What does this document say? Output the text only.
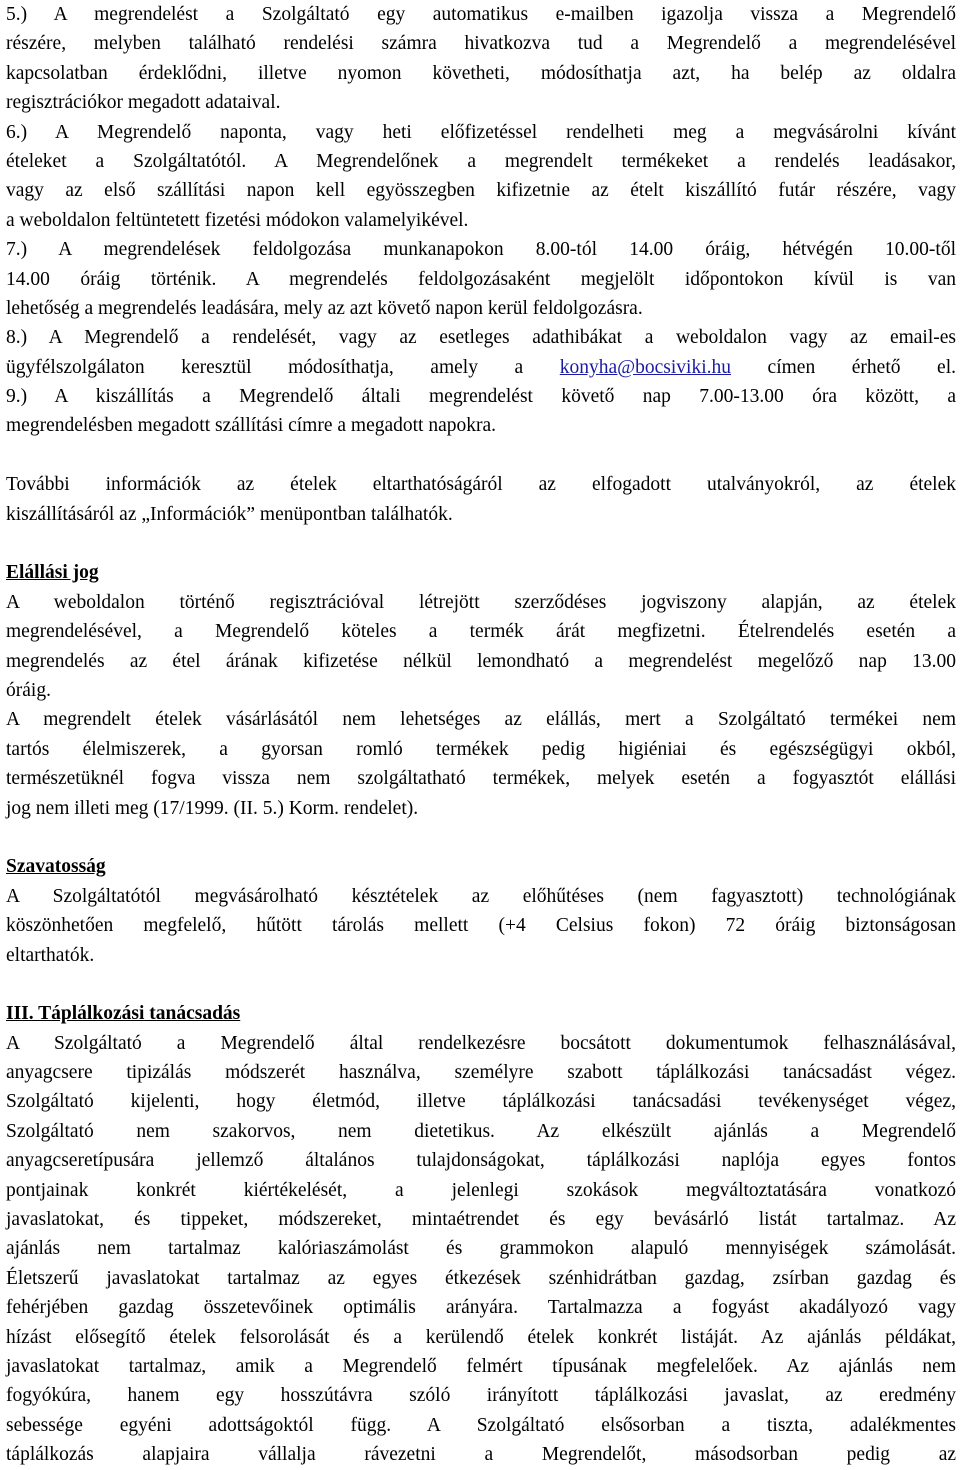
5.) A megrendelést a Szolgáltató egy automatikus e-mailben igazolja vissza a Megrendelő
részére, melyben található rendelési számra hivatkozva tud a Megrendelő a megrendelésével
kapcsolatban érdeklődni, illetve nyomon követheti, módosíthatja azt, ha belép az oldalra
regisztrációkor megadott adataival.
6.) A Megrendelő naponta, vagy heti előfizetéssel rendelheti meg a megvásárolni kívánt
ételeket a Szolgáltatótól. A Megrendelőnek a megrendelt termékeket a rendelés leadásakor,
vagy az első szállítási napon kell egyösszegben kifizetnie az ételt kiszállító futár részére, vagy
a weboldalon feltüntetett fizetési módokon valamelyikével.
7.) A megrendelések feldolgozása munkanapokon 8.00-tól 14.00 óráig, hétvégén 10.00-től
14.00 óráig történik. A megrendelés feldolgozásaként megjelölt időpontokon kívül is van
lehetőség a megrendelés leadására, mely az azt követő napon kerül feldolgozásra.
8.) A Megrendelő a rendelését, vagy az esetleges adathibákat a weboldalon vagy az email-es
ügyfélszolgálaton keresztül módosíthatja, amely a konyha@bocsiviki.hu címen érhető el.
9.) A kiszállítás a Megrendelő általi megrendelést követő nap 7.00-13.00 óra között, a
megrendelésben megadott szállítási címre a megadott napokra.
További információk az ételek eltarthatóságáról az elfogadott utalványokról, az ételek
kiszállításáról az „Információk” menüpontban találhatók.
Elállási jog
A weboldalon történő regisztrációval létrejött szerződéses jogviszony alapján, az ételek
megrendelésével, a Megrendelő köteles a termék árát megfizetni. Ételrendelés esetén a
megrendelés az étel árának kifizetése nélkül lemondható a megrendelést megelőző nap 13.00
óráig.
A megrendelt ételek vásárlásától nem lehetséges az elállás, mert a Szolgáltató termékei nem
tartós élelmiszerek, a gyorsan romló termékek pedig higiéniai és egészségügyi okból,
természetüknél fogva vissza nem szolgáltatható termékek, melyek esetén a fogyasztót elállási
jog nem illeti meg (17/1999. (II. 5.) Korm. rendelet).
Szavatosság
A Szolgáltatótól megvásárolható késztételek az előhűtéses (nem fagyasztott) technológiának
köszönhetően megfelelő, hűtött tárolás mellett (+4 Celsius fokon) 72 óráig biztonságosan
eltarthatók.
III. Táplálkozási tanácsadás
A Szolgáltató a Megrendelő által rendelkezésre bocsátott dokumentumok felhasználásával,
anyagcsere tipizálás módszerét használva, személyre szabott táplálkozási tanácsadást végez.
Szolgáltató kijelenti, hogy életmód, illetve táplálkozási tanácsadási tevékenységet végez,
Szolgáltató nem szakorvos, nem dietetikus. Az elkészült ajánlás a Megrendelő
anyagcseretípusára jellemző általános tulajdonságokat, táplálkozási naplója egyes fontos
pontjainak konkrét kiértékelését, a jelenlegi szokások megváltoztatására vonatkozó
javaslatokat, és tippeket, módszereket, mintaétrendet és egy bevásárló listát tartalmaz. Az
ajánlás nem tartalmaz kalóriaszámolást és grammokon alapuló mennyiségek számolását.
Életszerű javaslatokat tartalmaz az egyes étkezések szénhidrátban gazdag, zsírban gazdag és
fehérjében gazdag összetevőinek optimális arányára. Tartalmazza a fogyást akadályozó vagy
hízást elősegítő ételek felsorolását és a kerülendő ételek konkrét listáját. Az ajánlás példákat,
javaslatokat tartalmaz, amik a Megrendelő felmért típusának megfelelőek. Az ajánlás nem
fogyókúra, hanem egy hosszútávra szóló irányított táplálkozási javaslat, az eredmény
sebessége egyéni adottságoktól függ. A Szolgáltató elsősorban a tiszta, adalékmentes
táplálkozás alapjaira vállalja rávezetni a Megrendelőt, másodsorban pedig az
